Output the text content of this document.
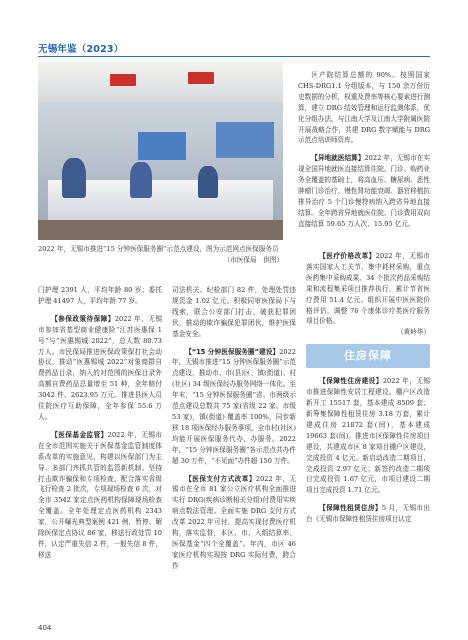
无锡年鉴（2023）
2022 年，无锡市推进“15 分钟医保服务圈”示范点建设，图为示范网点医保服务员
（市医保局　供图）

区产院结算总额的 90%。按照国家 CHS-DRG1.1 分组版本，与 150 余万份历史数据的分析，权重及费率等核心要素进行测算，建立 DRG 结效管理和运行监测体系，优化分组办法。与江南大学及江南大学附属医院开展战略合作，共建 DRG 数字赋能与 DRG 示范点培训师资库。

【异地就医结算】2022 年，无锡市在实现全国异地就医直接结算住院、门诊、购药业务全覆盖的基础上，将高血压、糖尿病、恶性肿瘤门诊治疗、慢性肾功能衰竭、器官移植抗排异治疗 5 个门诊慢特病纳入跨省异地直接结算。全年跨省异地就医住院、门诊费用双向直接结算 59.65 万人次、15.95 亿元。

门护理 2391 人，平均年龄 80 岁；委托护理 41497 人，平均年龄 77 岁。

【参保政策待保障】2022 年，无锡市参加省基型商业健康险“江苏医惠保 1 号”与“医惠锡城 2022”，总人数 80.73 万人。市民保局推进医保政策保打社会动协议，推动“医惠锡城 2022”对象商群自费药品目录，纳入的对范围的医保目录外高额自费药品总量增至 51 种，全年赔付 3042 件、2623.95 万元。推进县医人员住院医疗互助保障，全年参保 55.6 万人。

【医保基金监管】2022 年，无锡市在全市范围实施关于医保基金监管制度体系改革的实施意见，构建以医保部门为主导、多部门齐抓共管的监管新机制。坚持打击欺诈骗保和专项检查，配合落实省级飞行检查 2 批次，专项现场检查 6 次，对全市 3542 家定点医药机构保障现场检查全覆盖。全年处理定点医药机构 2343 家，公开曝光典型案例 421 例，暂停、解除医保定点协议 86 家，移送行政处罚 10 件，认定严重失信 2 件，一般失信 8 件，移送

司法机关、纪检部门 82 件，处理处罚违规资金 1.02 亿元。积极同审医保局下与线索，联合公安部门打击、破获犯罪团伙，推动的欺诈骗保犯罪团伙，维护医保基金安全。

【“15 分钟医保服务圈”建设】2022 年，无锡市推进“15 分钟医保服务圈”示范点建设，推动市、市(县)区、镇(街道)、村(社区) 34 级医保经办服务网络一体化。至年末，“15 分钟医保服务圈”省、市两级示范点建设总数共 75 家(省级 22 家、市级 53 家)，镇(街道) 覆盖率 100%，同步新移 18 项医保经办服务事项，全市村(社区)均能开展医保服务代办，办服务。2022 年，“15 分钟医保服务圈”各示范点共办件超 30 万件，“不见面”办件超 150 万件。

【医保支付方式改革】2022 年，无锡市在全市 81 家公立医疗机构全面推进实行 DRG(疾病诊断相关分组)付费用实疾病点数法管理。全面实施 DRG 支付方式改革 2022 年可付，提高实现付费医疗机构，落实监督，本区、市、入组结算率、医保基金“四个全覆盖”。年内，市区 46 家医疗机构实现按 DRG 实际付费，跨合作

【医疗价格改革】2022 年，无锡市落实国家人工关节、集中耗材采购，重点医药集中采购成果、34 个批次药品采购结果和流程集采项目推荐执行，累计节省医疗费用 51.4 亿元。组织开展中医医院价格评估，调整 76 个康体诊疗类医疗服务项目价格。

（黄岭华）

住房保障

【保障性住房建设】2022 年，无锡市推进保障性安居工程建设。棚户区改造新开工 15517 套，基本建成 8509 套；新筹集保障性租赁住房 3.18 万套，累计建成住房 21872 套(间)，基本建成 19663 套(间)。推进市区保障性住房项目建设，共建成市区 8 家项目棚户区建设，完成投资 4 亿元。新启动改造二期项目，完成投资 2.97 亿元；新签约改造二期项目完成投资 1.67 亿元，市项目建设二期项目完成投资 1.71 亿元。

【保障性租赁住房】5 月，无锡市出台《无锡市保障性租赁住房项目认定

404
